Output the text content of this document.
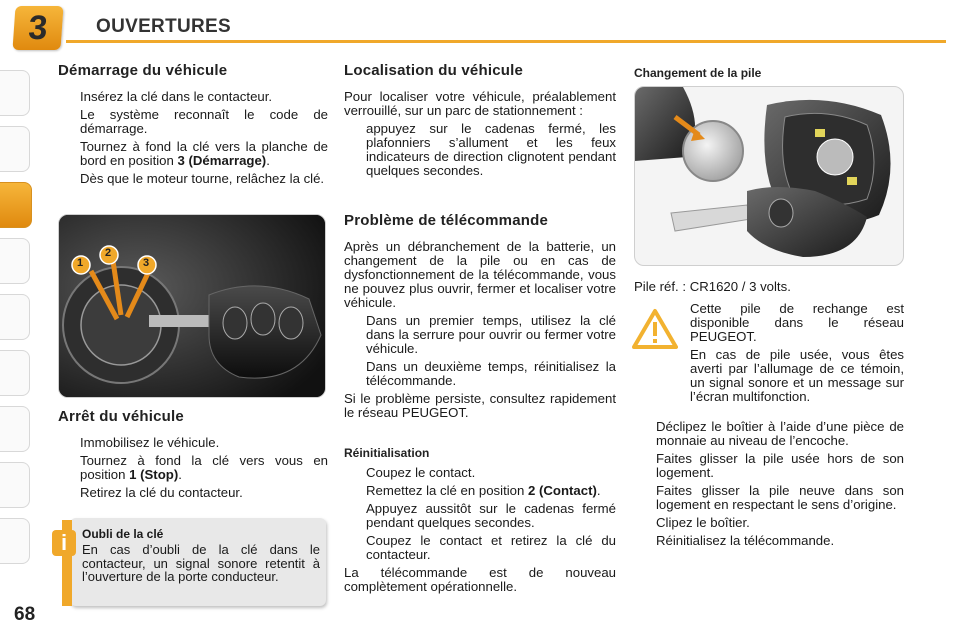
3	OUVERTURES
68
Démarrage du véhicule
Insérez la clé dans le contacteur.
Le système reconnaît le code de démarrage.
Tournez à fond la clé vers la planche de bord en position 3 (Démarrage).
Dès que le moteur tourne, relâchez la clé.
1
2
3
Arrêt du véhicule
Immobilisez le véhicule.
Tournez à fond la clé vers vous en position 1 (Stop).
Retirez la clé du contacteur.
i	Oubli de la clé
En cas d’oubli de la clé dans le contacteur, un signal sonore retentit à l’ouverture de la porte conducteur.
Localisation du véhicule
Pour localiser votre véhicule, préalablement verrouillé, sur un parc de stationnement :
appuyez sur le cadenas fermé, les plafonniers s’allument et les feux indicateurs de direction clignotent pendant quelques secondes.
Problème de télécommande
Après un débranchement de la batterie, un changement de la pile ou en cas de dysfonctionnement de la télécommande, vous ne pouvez plus ouvrir, fermer et localiser votre véhicule.
Dans un premier temps, utilisez la clé dans la serrure pour ouvrir ou fermer votre véhicule.
Dans un deuxième temps, réinitialisez la télécommande.
Si le problème persiste, consultez rapidement le réseau PEUGEOT.
Réinitialisation
Coupez le contact.
Remettez la clé en position 2 (Contact).
Appuyez aussitôt sur le cadenas fermé pendant quelques secondes.
Coupez le contact et retirez la clé du contacteur.
La télécommande est de nouveau complètement opérationnelle.
Changement de la pile
Pile réf. : CR1620 / 3 volts.
Cette pile de rechange est disponible dans le réseau PEUGEOT.
En cas de pile usée, vous êtes averti par l’allumage de ce témoin, un signal sonore et un message sur l’écran multifonction.
Déclipez le boîtier à l’aide d’une pièce de monnaie au niveau de l’encoche.
Faites glisser la pile usée hors de son logement.
Faites glisser la pile neuve dans son logement en respectant le sens d’origine.
Clipez le boîtier.
Réinitialisez la télécommande.
